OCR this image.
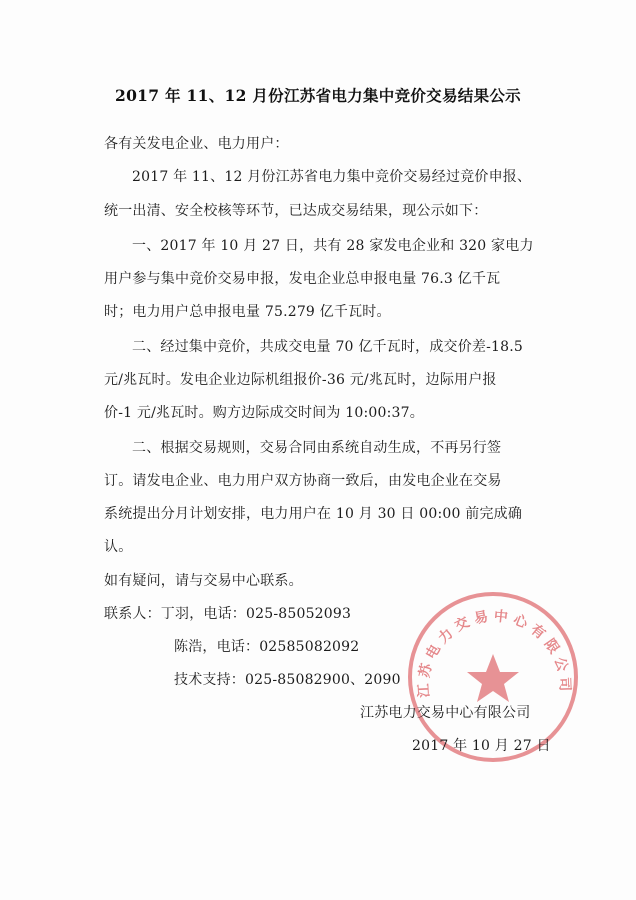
2017 年 11、12 月份江苏省电力集中竞价交易结果公示
各有关发电企业、电力用户：
2017 年 11、12 月份江苏省电力集中竞价交易经过竞价申报、
统一出清、安全校核等环节，已达成交易结果，现公示如下：
一、2017 年 10 月 27 日，共有 28 家发电企业和 320 家电力
用户参与集中竞价交易申报，发电企业总申报电量 76.3 亿千瓦
时；电力用户总申报电量 75.279 亿千瓦时。
二、经过集中竞价，共成交电量 70 亿千瓦时，成交价差-18.5
元/兆瓦时。发电企业边际机组报价-36 元/兆瓦时，边际用户报
价-1 元/兆瓦时。购方边际成交时间为 10:00:37。
二、根据交易规则，交易合同由系统自动生成，不再另行签
订。请发电企业、电力用户双方协商一致后，由发电企业在交易
系统提出分月计划安排，电力用户在 10 月 30 日 00:00 前完成确
认。
如有疑问，请与交易中心联系。
联系人：丁羽，电话：025-85052093
陈浩，电话：02585082092
技术支持：025-85082900、2090
江 苏 电 力 交 易 中 心 有 限 公 司
江苏电力交易中心有限公司
2017 年 10 月 27 日
